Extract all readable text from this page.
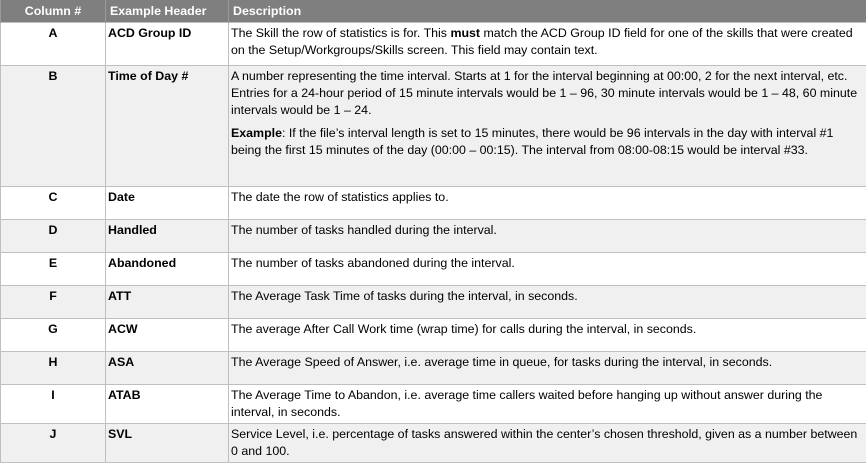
Column #	Example Header	Description
A	ACD Group ID	The Skill the row of statistics is for. This must match the ACD Group ID field for one of the skills that were created on the Setup/Workgroups/Skills screen. This field may contain text.
B	Time of Day #	A number representing the time interval. Starts at 1 for the interval beginning at 00:00, 2 for the next interval, etc. Entries for a 24-hour period of 15 minute intervals would be 1 – 96, 30 minute intervals would be 1 – 48, 60 minute intervals would be 1 – 24.

Example: If the file’s interval length is set to 15 minutes, there would be 96 intervals in the day with interval #1 being the first 15 minutes of the day (00:00 – 00:15). The interval from 08:00-08:15 would be interval #33.

C	Date	The date the row of statistics applies to.
D	Handled	The number of tasks handled during the interval.
E	Abandoned	The number of tasks abandoned during the interval.
F	ATT	The Average Task Time of tasks during the interval, in seconds.
G	ACW	The average After Call Work time (wrap time) for calls during the interval, in seconds.
H	ASA	The Average Speed of Answer, i.e. average time in queue, for tasks during the interval, in seconds.
I	ATAB	The Average Time to Abandon, i.e. average time callers waited before hanging up without answer during the interval, in seconds.
J	SVL	Service Level, i.e. percentage of tasks answered within the center’s chosen threshold, given as a number between 0 and 100.
